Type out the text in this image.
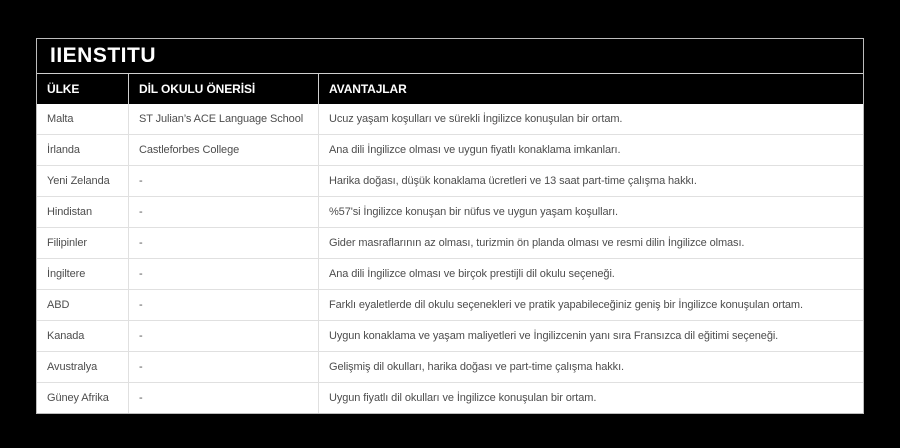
IIENSTITU
ÜLKE	DİL OKULU ÖNERİSİ	AVANTAJLAR
Malta	ST Julian’s ACE Language School	Ucuz yaşam koşulları ve sürekli İngilizce konuşulan bir ortam.
İrlanda	Castleforbes College	Ana dili İngilizce olması ve uygun fiyatlı konaklama imkanları.
Yeni Zelanda	-	Harika doğası, düşük konaklama ücretleri ve 13 saat part-time çalışma hakkı.
Hindistan	-	%57'si İngilizce konuşan bir nüfus ve uygun yaşam koşulları.
Filipinler	-	Gider masraflarının az olması, turizmin ön planda olması ve resmi dilin İngilizce olması.
İngiltere	-	Ana dili İngilizce olması ve birçok prestijli dil okulu seçeneği.
ABD	-	Farklı eyaletlerde dil okulu seçenekleri ve pratik yapabileceğiniz geniş bir İngilizce konuşulan ortam.
Kanada	-	Uygun konaklama ve yaşam maliyetleri ve İngilizcenin yanı sıra Fransızca dil eğitimi seçeneği.
Avustralya	-	Gelişmiş dil okulları, harika doğası ve part-time çalışma hakkı.
Güney Afrika	-	Uygun fiyatlı dil okulları ve İngilizce konuşulan bir ortam.
